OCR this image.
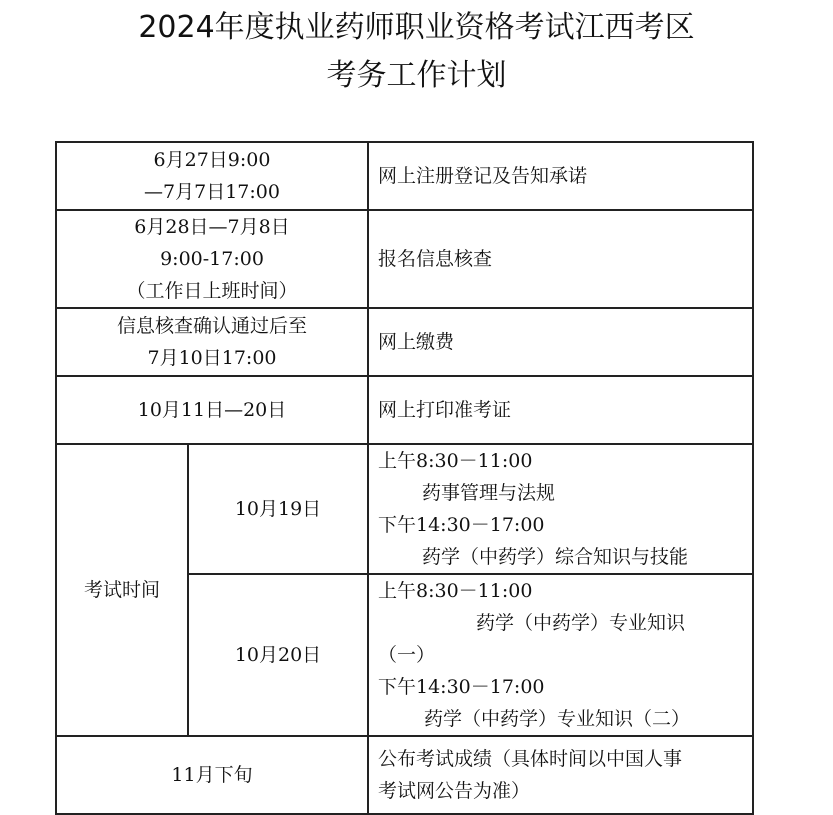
2024年度执业药师职业资格考试江西考区
考务工作计划
6月27日9:00
—7月7日17:00		网上注册登记及告知承诺

6月28日—7月8日
9:00-17:00
（工作日上班时间）		报名信息核查

信息核查确认通过后至
7月10日17:00		网上缴费

10月11日—20日		网上打印准考证

考试时间	10月19日	上午8:30－11:00
药事管理与法规
下午14:30－17:00
药学（中药学）综合知识与技能

	10月20日	上午8:30－11:00
药学（中药学）专业知识
（一）
下午14:30－17:00
药学（中药学）专业知识（二）

11月下旬		公布考试成绩（具体时间以中国人事
考试网公告为准）
